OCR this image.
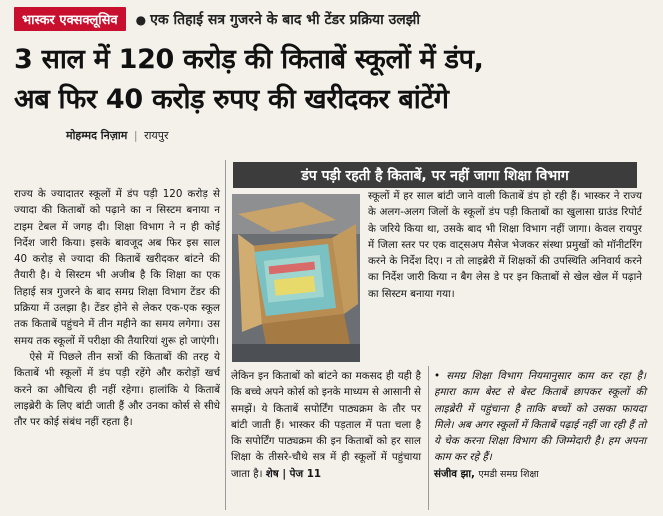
भास्कर एक्सक्लूसिव	● एक तिहाई सत्र गुजरने के बाद भी टेंडर प्रक्रिया उलझी
3 साल में 120 करोड़ की किताबें स्कूलों में डंप,
अब फिर 40 करोड़ रुपए की खरीदकर बांटेंगे
मोहम्मद निज़ाम | रायपुर
डंप पड़ी रहती है किताबें, पर नहीं जागा शिक्षा विभाग

राज्य के ज्यादातर स्कूलों में डंप पड़ी 120 करोड़ से ज्यादा की किताबों को पढ़ाने का न सिस्टम बनाया न टाइम टेबल में जगह दी। शिक्षा विभाग ने न ही कोई निर्देश जारी किया। इसके बावजूद अब फिर इस साल 40 करोड़ से ज्यादा की किताबें खरीदकर बांटने की तैयारी है। ये सिस्टम भी अजीब है कि शिक्षा का एक तिहाई सत्र गुजरने के बाद समग्र शिक्षा विभाग टेंडर की प्रक्रिया में उलझा है। टेंडर होने से लेकर एक-एक स्कूल तक किताबें पहुंचने में तीन महीने का समय लगेगा। उस समय तक स्कूलों में परीक्षा की तैयारियां शुरू हो जाएंगी।

ऐसे में पिछले तीन सत्रों की किताबों की तरह ये किताबें भी स्कूलों में डंप पड़ी रहेंगे और करोड़ों खर्च करने का औचित्य ही नहीं रहेगा। हालांकि ये किताबें लाइब्रेरी के लिए बांटी जाती हैं और उनका कोर्स से सीधे तौर पर कोई संबंध नहीं रहता है।

स्कूलों में हर साल बांटी जाने वाली किताबें डंप हो रही हैं। भास्कर ने राज्य के अलग-अलग जिलों के स्कूलों डंप पड़ी किताबों का खुलासा ग्राउंड रिपोर्ट के जरिये किया था, उसके बाद भी शिक्षा विभाग नहीं जागा। केवल रायपुर में जिला स्तर पर एक वाट्सअप मैसेज भेजकर संस्था प्रमुखों को मॉनीटरिंग करने के निर्देश दिए। न तो लाइब्रेरी में शिक्षकों की उपस्थिति अनिवार्य करने का निर्देश जारी किया न बैग लेस डे पर इन किताबों से खेल खेल में पढ़ाने का सिस्टम बनाया गया।

लेकिन इन किताबों को बांटने का मकसद ही यही है कि बच्चे अपने कोर्स को इनके माध्यम से आसानी से समझें। ये किताबें सपोर्टिंग पाठ्यक्रम के तौर पर बांटी जाती हैं। भास्कर की पड़ताल में पता चला है कि सपोर्टिंग पाठ्यक्रम की इन किताबों को हर साल शिक्षा के तीसरे-चौथे सत्र में ही स्कूलों में पहुंचाया जाता है। शेष | पेज 11

• समग्र शिक्षा विभाग नियमानुसार काम कर रहा है। हमारा काम बेस्ट से बेस्ट किताबें छापकर स्कूलों की लाइब्रेरी में पहुंचाना है ताकि बच्चों को उसका फायदा मिले। अब अगर स्कूलों में किताबें पढ़ाई नहीं जा रही हैं तो ये चेक करना शिक्षा विभाग की जिम्मेदारी है। हम अपना काम कर रहे हैं।

संजीव झा, एमडी समग्र शिक्षा
